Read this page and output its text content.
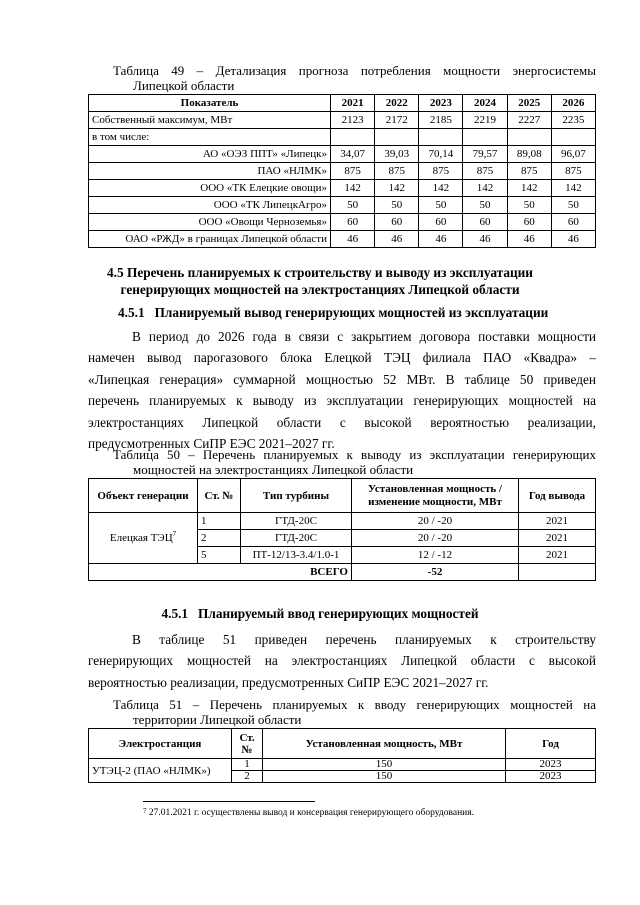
Таблица 49 – Детализация прогноза потребления мощности энергосистемы
Липецкой области
Показатель	2021	2022	2023	2024	2025	2026
Собственный максимум, МВт	2123	2172	2185	2219	2227	2235
в том числе:						
АО «ОЭЗ ППТ» «Липецк»	34,07	39,03	70,14	79,57	89,08	96,07
ПАО «НЛМК»	875	875	875	875	875	875
ООО «ТК Елецкие овощи»	142	142	142	142	142	142
ООО «ТК ЛипецкАгро»	50	50	50	50	50	50
ООО «Овощи Черноземья»	60	60	60	60	60	60
ОАО «РЖД» в границах Липецкой области	46	46	46	46	46	46
4.5 Перечень планируемых к строительству и выводу из эксплуатации
генерирующих мощностей на электростанциях Липецкой области
4.5.1   Планируемый вывод генерирующих мощностей из эксплуатации
В период до 2026 года в связи с закрытием договора поставки мощности
намечен вывод парогазового блока Елецкой ТЭЦ филиала ПАО «Квадра» –
«Липецкая генерация» суммарной мощностью 52 МВт. В таблице 50 приведен
перечень планируемых к выводу из эксплуатации генерирующих мощностей на
электростанциях Липецкой области с высокой вероятностью реализации,
предусмотренных СиПР ЕЭС 2021–2027 гг.
Таблица 50 – Перечень планируемых к выводу из эксплуатации генерирующих
мощностей на электростанциях Липецкой области
Объект генерации	Ст. №	Тип турбины	Установленная мощность /
изменение мощности, МВт	Год вывода
Елецкая ТЭЦ$^7$	1	ГТД-20С	20 / -20	2021
	2	ГТД-20С	20 / -20	2021
	5	ПТ-12/13-3.4/1.0-1	12 / -12	2021
ВСЕГО			-52	
4.5.1   Планируемый ввод генерирующих мощностей
В таблице 51 приведен перечень планируемых к строительству
генерирующих мощностей на электростанциях Липецкой области с высокой
вероятностью реализации, предусмотренных СиПР ЕЭС 2021–2027 гг.
Таблица 51 – Перечень планируемых к вводу генерирующих мощностей на
территории Липецкой области
Электростанция	Ст.
№	Установленная мощность, МВт	Год
УТЭЦ-2 (ПАО «НЛМК»)	1	150	2023
	2	150	2023
$^7$ 27.01.2021 г. осуществлены вывод и консервация генерирующего оборудования.
